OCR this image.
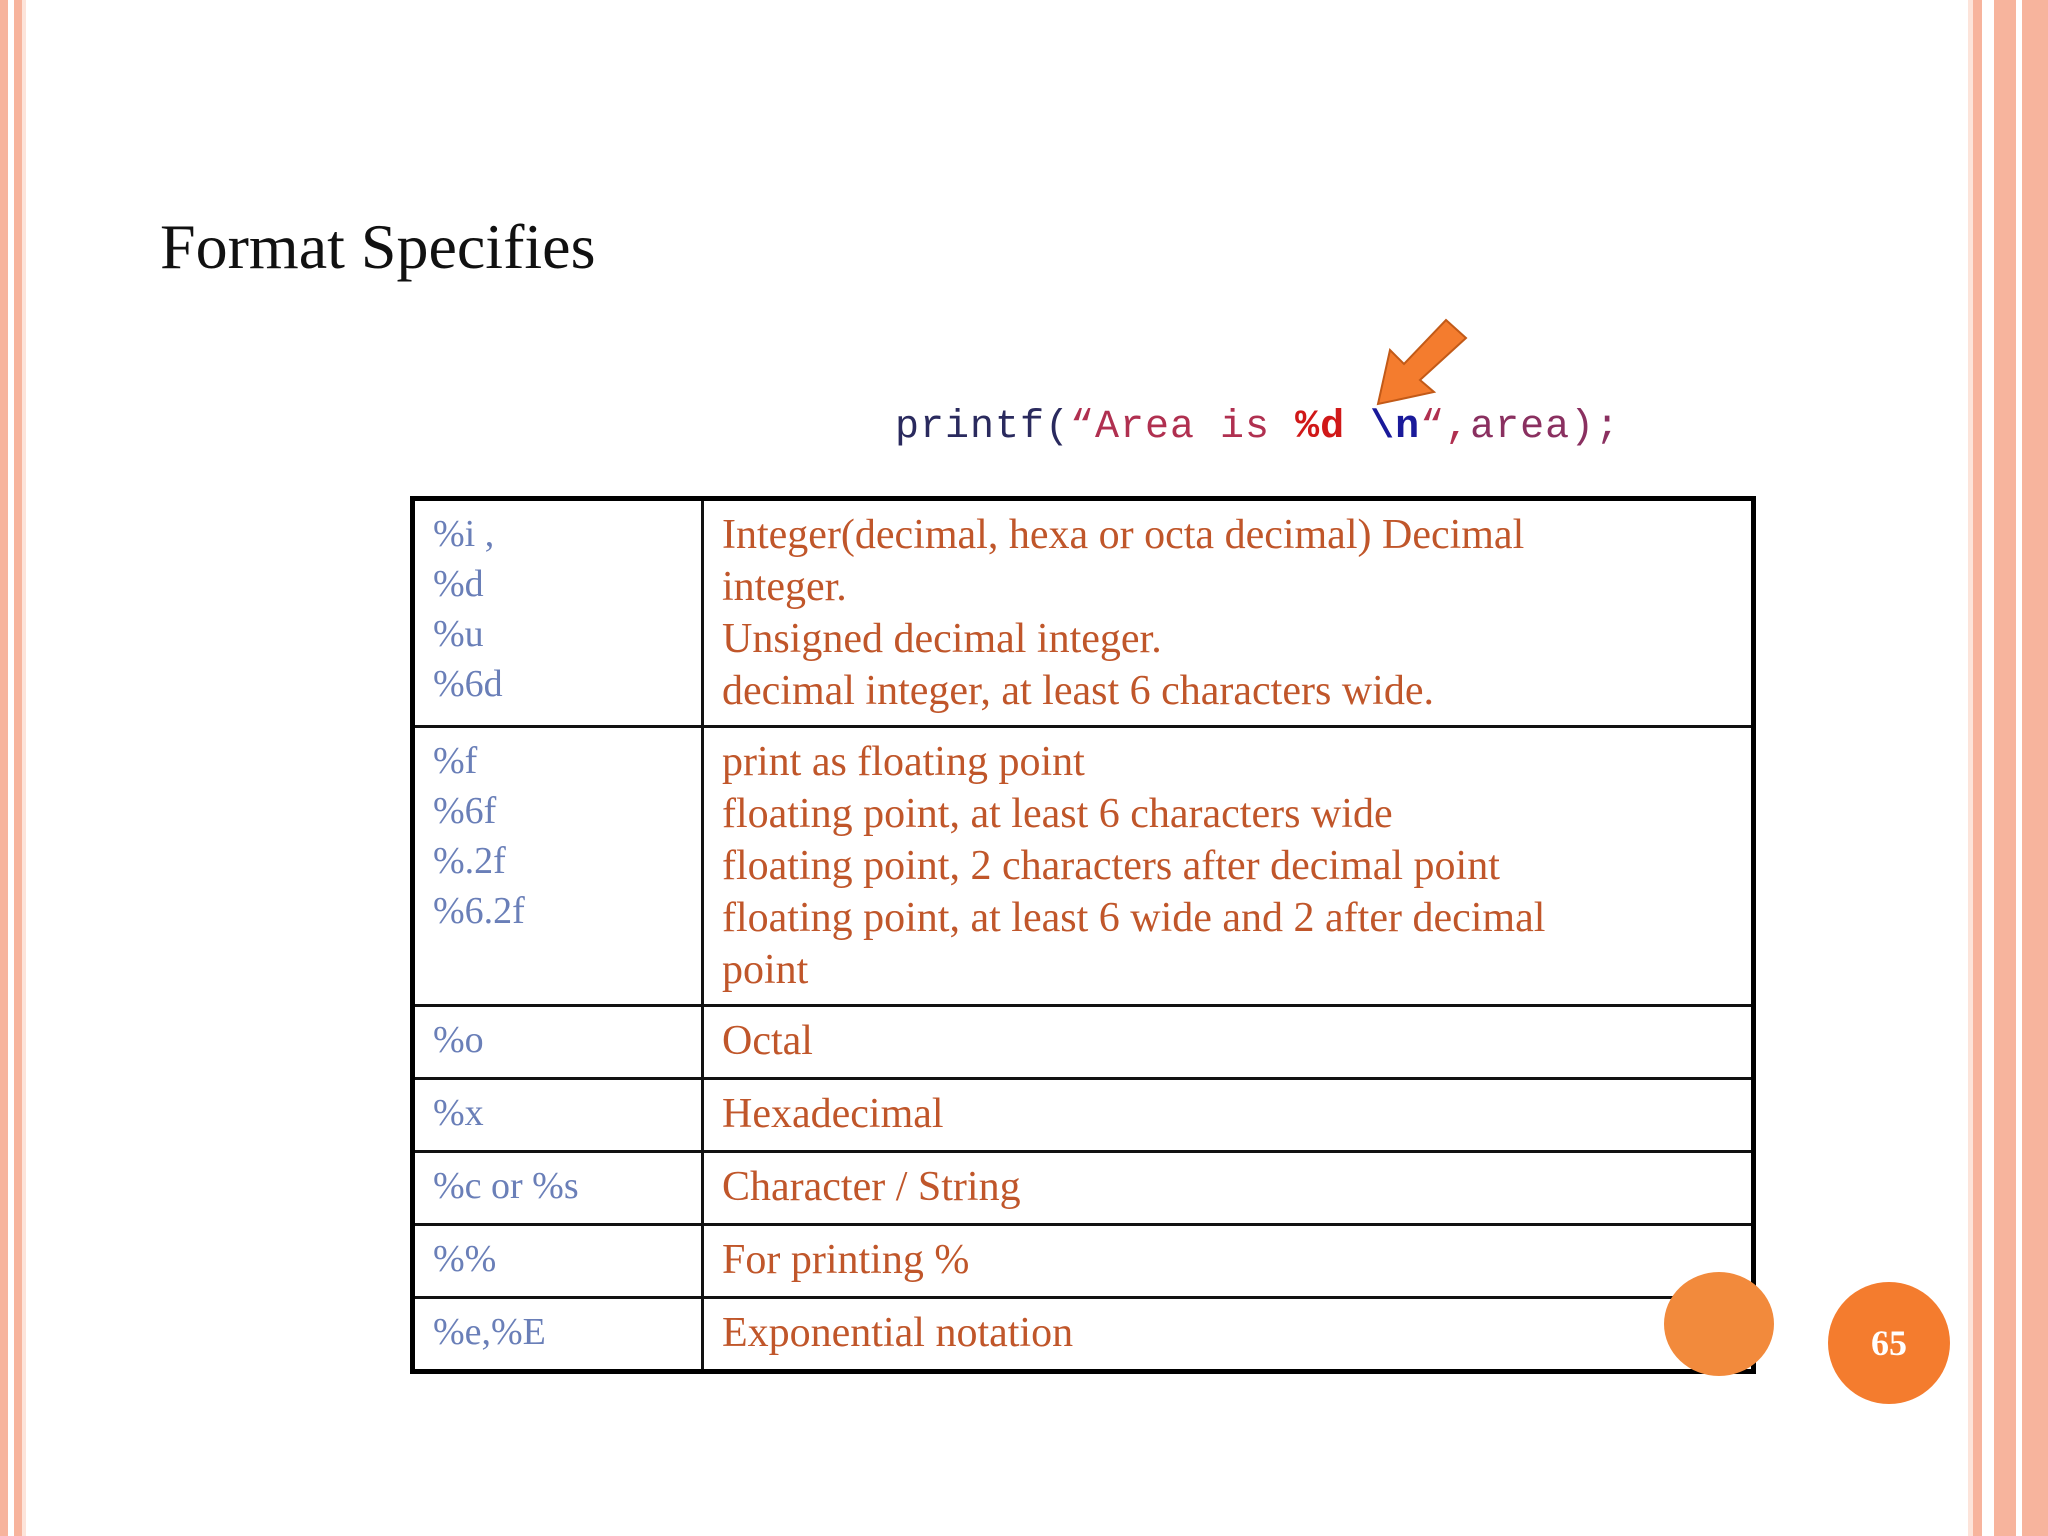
Format Specifies
printf(“Area is %d \n“,area);
%i ,
%d
%u
%6d	Integer(decimal, hexa or octa decimal) Decimal
integer.
Unsigned decimal integer.
decimal integer, at least 6 characters wide.

%f
%6f
%.2f
%6.2f	print as floating point
floating point, at least 6 characters wide
floating point, 2 characters after decimal point
floating point, at least 6 wide and 2 after decimal
point

%o	Octal

%x	Hexadecimal

%c or %s	Character / String

%%	For printing %

%e,%E	Exponential notation	65
